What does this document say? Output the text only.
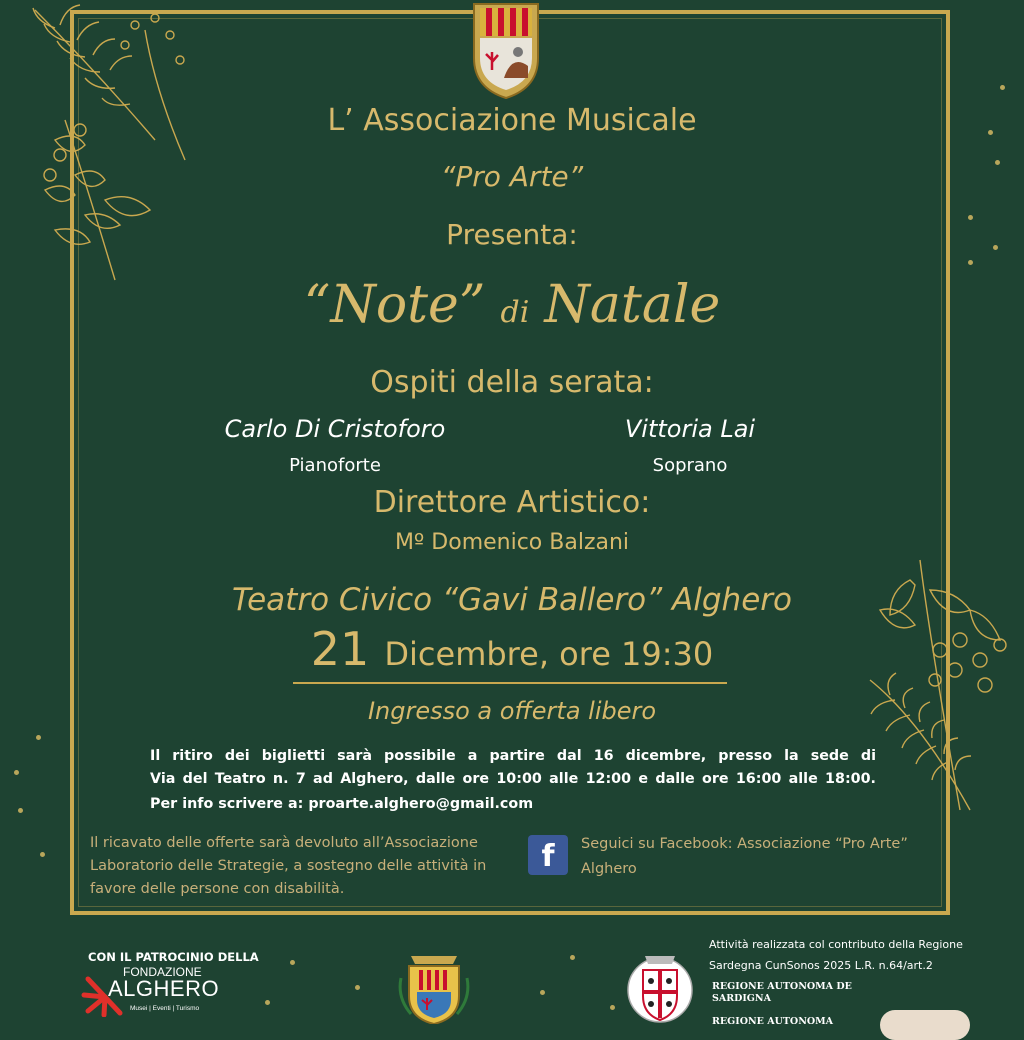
L’ Associazione Musicale
“Pro Arte”
Presenta:
“Note” di Natale
Ospiti della serata:
Carlo Di Cristoforo
Pianoforte
Vittoria Lai
Soprano
Direttore Artistico:
Mº Domenico Balzani
Teatro Civico “Gavi Ballero” Alghero
21 Dicembre, ore 19:30
Ingresso a offerta libero
Il ritiro dei biglietti sarà possibile a partire dal 16 dicembre, presso la sede di
Via del Teatro n. 7 ad Alghero, dalle ore 10:00 alle 12:00 e dalle ore 16:00 alle 18:00.
Per info scrivere a: proarte.alghero@gmail.com
Il ricavato delle offerte sarà devoluto all’Associazione
Laboratorio delle Strategie, a sostegno delle attività in
favore delle persone con disabilità.
f	Seguici su Facebook: Associazione “Pro Arte”
Alghero
CON IL PATROCINIO DELLA
FONDAZIONE
ALGHERO
Musei | Eventi | Turismo
Attività realizzata col contributo della Regione
Sardegna CunSonos 2025 L.R. n.64/art.2
REGIONE AUTONOMA DE
SARDIGNA
REGIONE AUTONOMA
